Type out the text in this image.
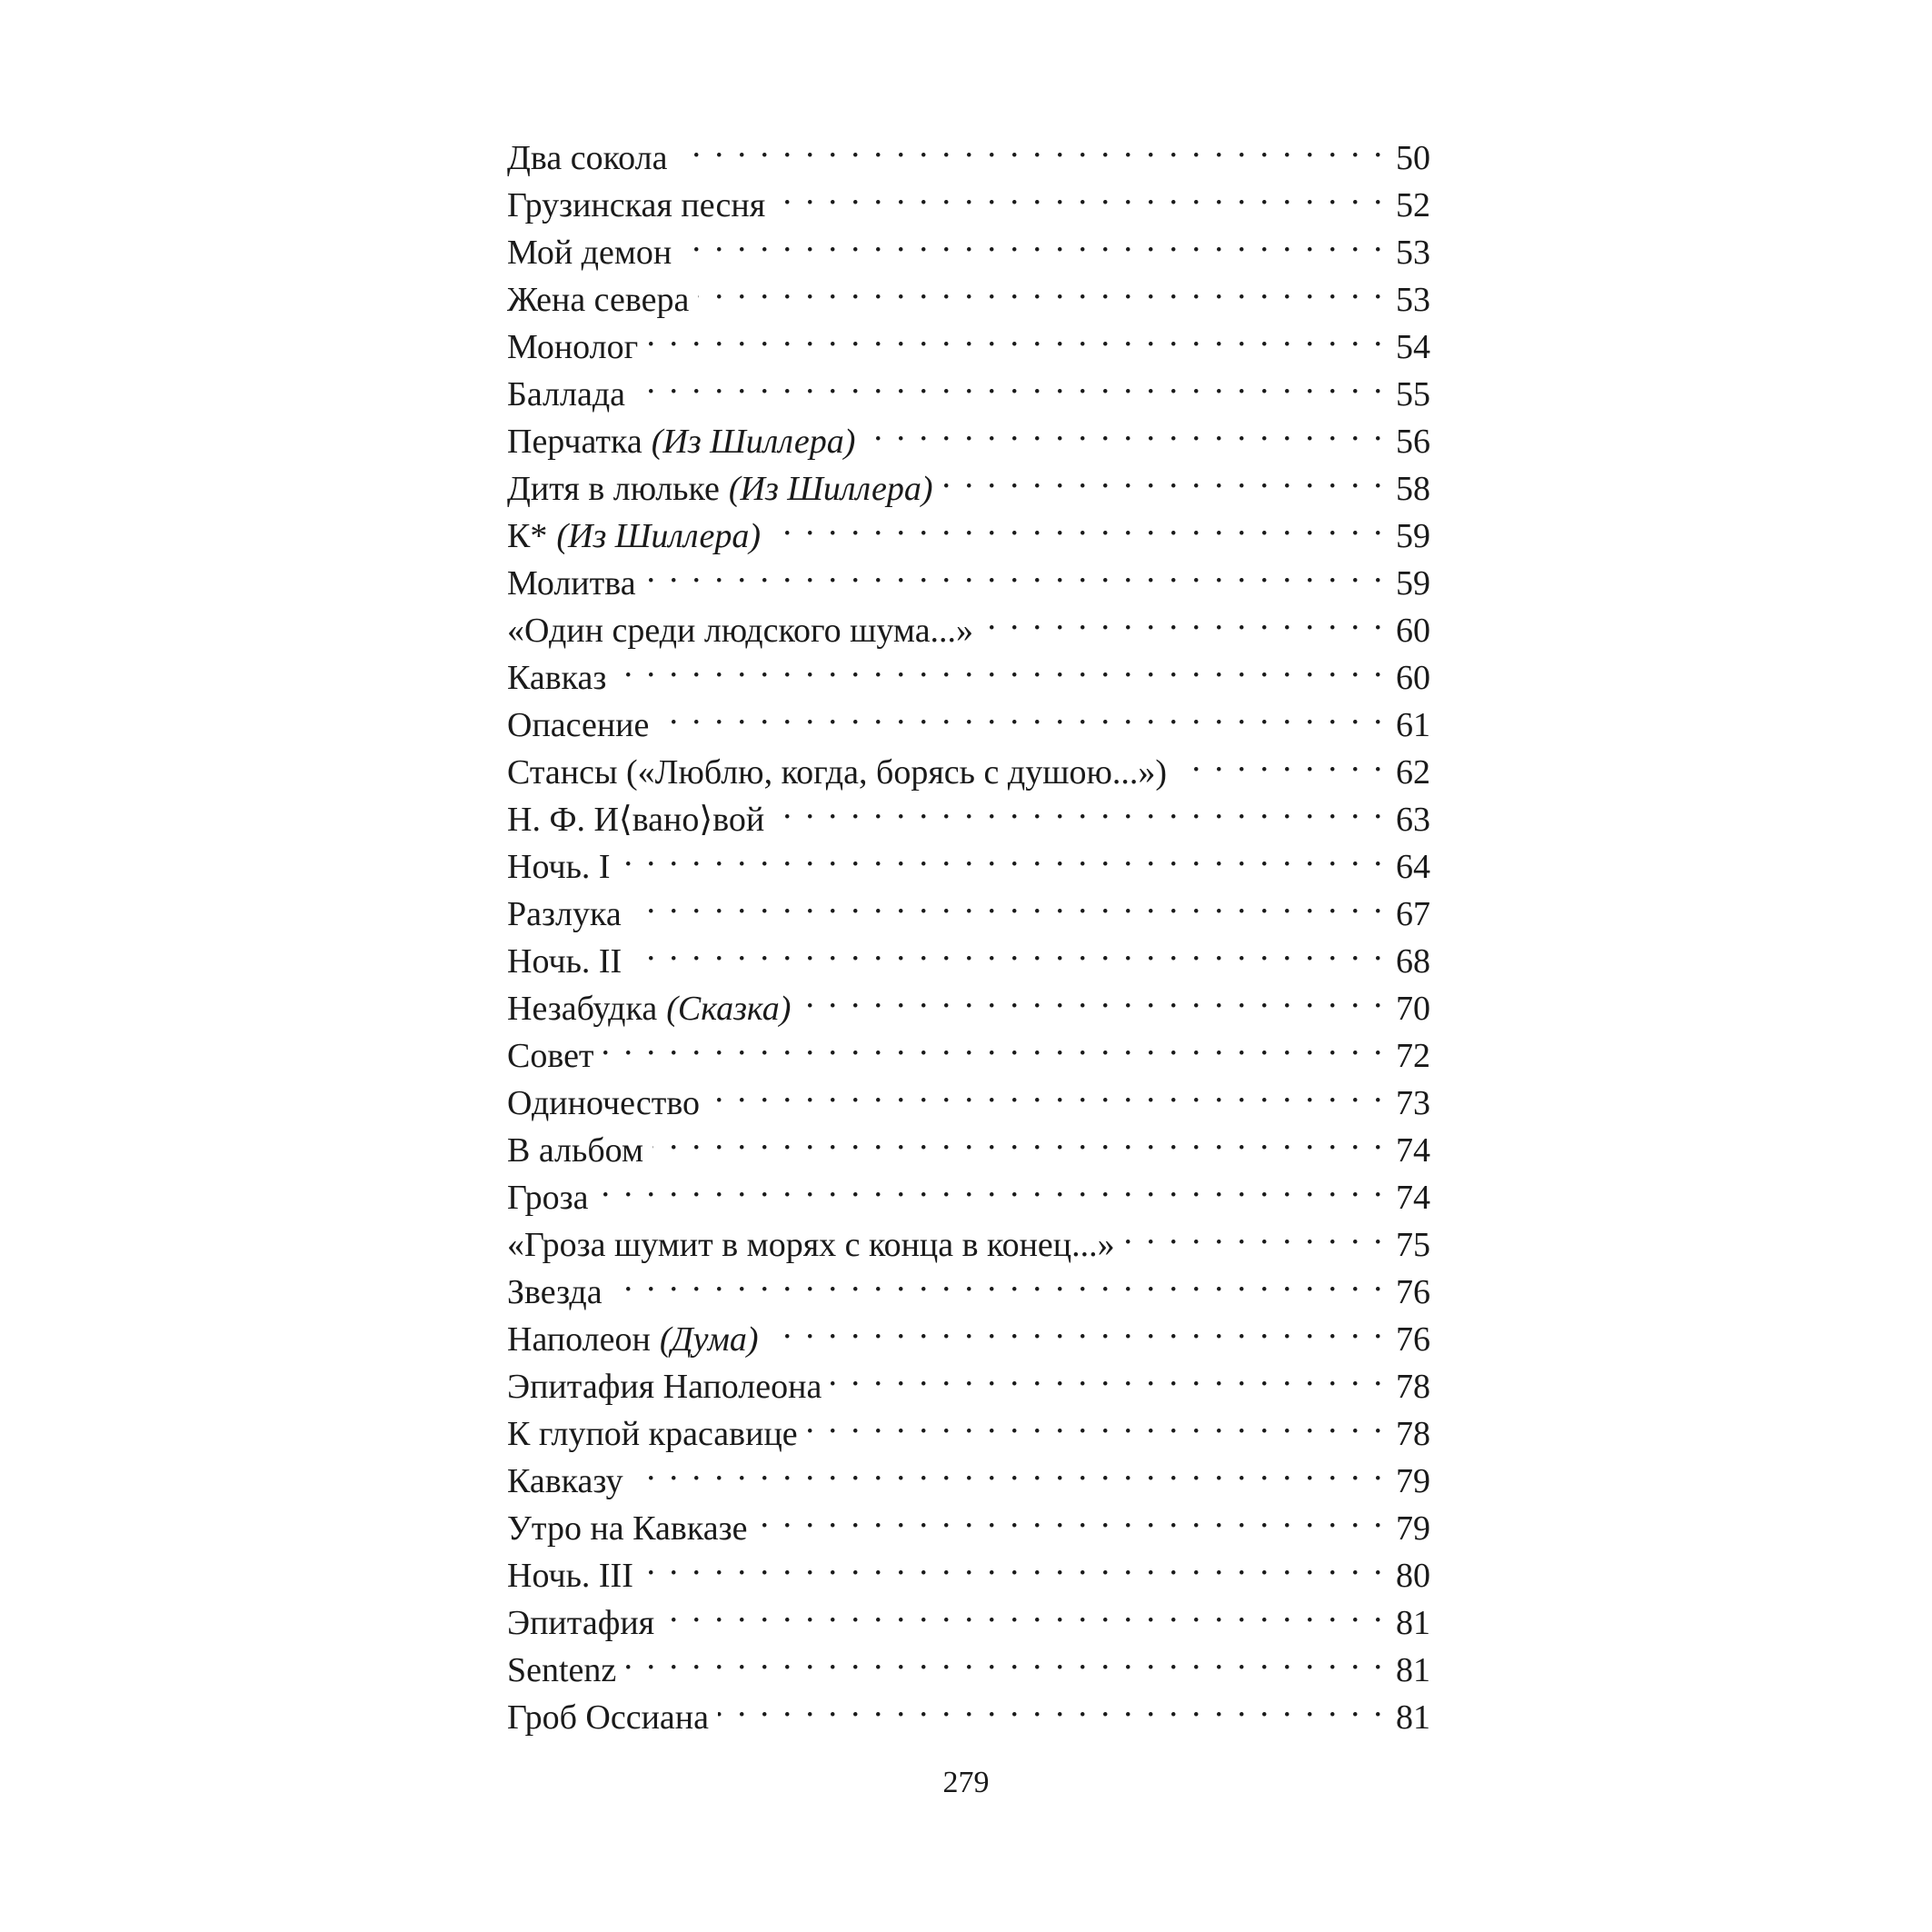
Два сокола . . .	50
Грузинская песня . . .	52
Мой демон . . .	53
Жена севера . . .	53
Монолог . . .	54
Баллада . . .	55
Перчатка (Из Шиллера) . . .	56
Дитя в люльке (Из Шиллера) . . .	58
К* (Из Шиллера) . . .	59
Молитва . . .	59
«Один среди людского шума...» . . .	60
Кавказ . . .	60
Опасение . . .	61
Стансы («Люблю, когда, борясь с душою...») . . .	62
Н. Ф. И⟨вано⟩вой . . .	63
Ночь. I . . .	64
Разлука . . .	67
Ночь. II . . .	68
Незабудка (Сказка) . . .	70
Совет . . .	72
Одиночество . . .	73
В альбом . . .	74
Гроза . . .	74
«Гроза шумит в морях с конца в конец...» . . .	75
Звезда . . .	76
Наполеон (Дума) . . .	76
Эпитафия Наполеона . . .	78
К глупой красавице . . .	78
Кавказу . . .	79
Утро на Кавказе . . .	79
Ночь. III . . .	80
Эпитафия . . .	81
Sentenz . . .	81
Гроб Оссиана . . .	81
279
